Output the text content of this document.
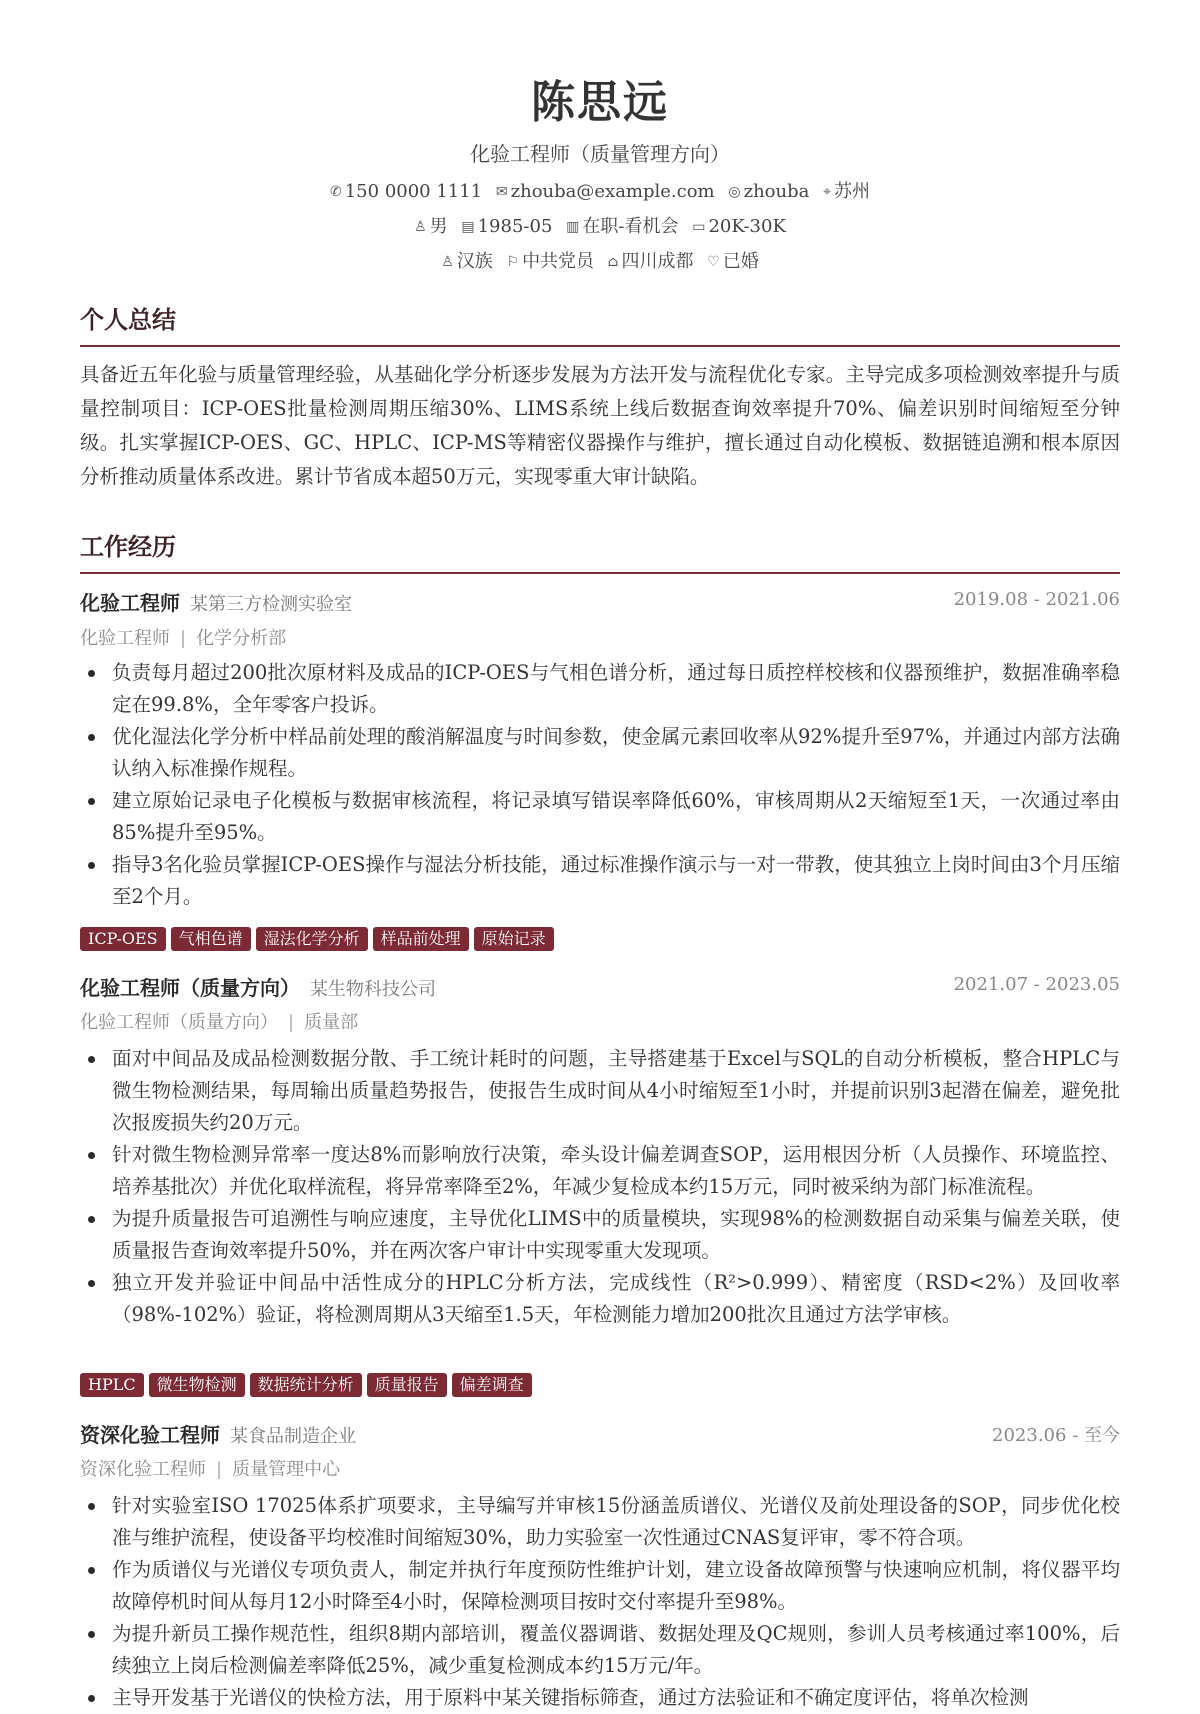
陈思远
化验工程师（质量管理方向）
✆ 150 0000 1111 ✉ zhouba@example.com ◎ zhouba ⌖ 苏州
♙ 男 ▤ 1985-05 ▥ 在职-看机会 ▭ 20K-30K
♙ 汉族 ⚐ 中共党员 ⌂ 四川成都 ♡ 已婚
个人总结
具备近五年化验与质量管理经验，从基础化学分析逐步发展为方法开发与流程优化专家。主导完成多项检测效率提升与质量控制项目：ICP-OES批量检测周期压缩30%、LIMS系统上线后数据查询效率提升70%、偏差识别时间缩短至分钟级。扎实掌握ICP-OES、GC、HPLC、ICP-MS等精密仪器操作与维护，擅长通过自动化模板、数据链追溯和根本原因分析推动质量体系改进。累计节省成本超50万元，实现零重大审计缺陷。
工作经历
化验工程师 某第三方检测实验室	2019.08 - 2021.06
化验工程师 | 化学分析部
负责每月超过200批次原材料及成品的ICP-OES与气相色谱分析，通过每日质控样校核和仪器预维护，数据准确率稳定在99.8%，全年零客户投诉。
优化湿法化学分析中样品前处理的酸消解温度与时间参数，使金属元素回收率从92%提升至97%，并通过内部方法确认纳入标准操作规程。
建立原始记录电子化模板与数据审核流程，将记录填写错误率降低60%，审核周期从2天缩短至1天，一次通过率由85%提升至95%。
指导3名化验员掌握ICP-OES操作与湿法分析技能，通过标准操作演示与一对一带教，使其独立上岗时间由3个月压缩至2个月。
ICP-OES 气相色谱 湿法化学分析 样品前处理 原始记录
化验工程师（质量方向） 某生物科技公司	2021.07 - 2023.05
化验工程师（质量方向） | 质量部
面对中间品及成品检测数据分散、手工统计耗时的问题，主导搭建基于Excel与SQL的自动分析模板，整合HPLC与微生物检测结果，每周输出质量趋势报告，使报告生成时间从4小时缩短至1小时，并提前识别3起潜在偏差，避免批次报废损失约20万元。
针对微生物检测异常率一度达8%而影响放行决策，牵头设计偏差调查SOP，运用根因分析（人员操作、环境监控、培养基批次）并优化取样流程，将异常率降至2%，年减少复检成本约15万元，同时被采纳为部门标准流程。
为提升质量报告可追溯性与响应速度，主导优化LIMS中的质量模块，实现98%的检测数据自动采集与偏差关联，使质量报告查询效率提升50%，并在两次客户审计中实现零重大发现项。
独立开发并验证中间品中活性成分的HPLC分析方法，完成线性（R²>0.999）、精密度（RSD<2%）及回收率（98%-102%）验证，将检测周期从3天缩至1.5天，年检测能力增加200批次且通过方法学审核。
HPLC 微生物检测 数据统计分析 质量报告 偏差调查
资深化验工程师 某食品制造企业	2023.06 - 至今
资深化验工程师 | 质量管理中心
针对实验室ISO 17025体系扩项要求，主导编写并审核15份涵盖质谱仪、光谱仪及前处理设备的SOP，同步优化校准与维护流程，使设备平均校准时间缩短30%，助力实验室一次性通过CNAS复评审，零不符合项。
作为质谱仪与光谱仪专项负责人，制定并执行年度预防性维护计划，建立设备故障预警与快速响应机制，将仪器平均故障停机时间从每月12小时降至4小时，保障检测项目按时交付率提升至98%。
为提升新员工操作规范性，组织8期内部培训，覆盖仪器调谐、数据处理及QC规则，参训人员考核通过率100%，后续独立上岗后检测偏差率降低25%，减少重复检测成本约15万元/年。
主导开发基于光谱仪的快检方法，用于原料中某关键指标筛查，通过方法验证和不确定度评估，将单次检测
